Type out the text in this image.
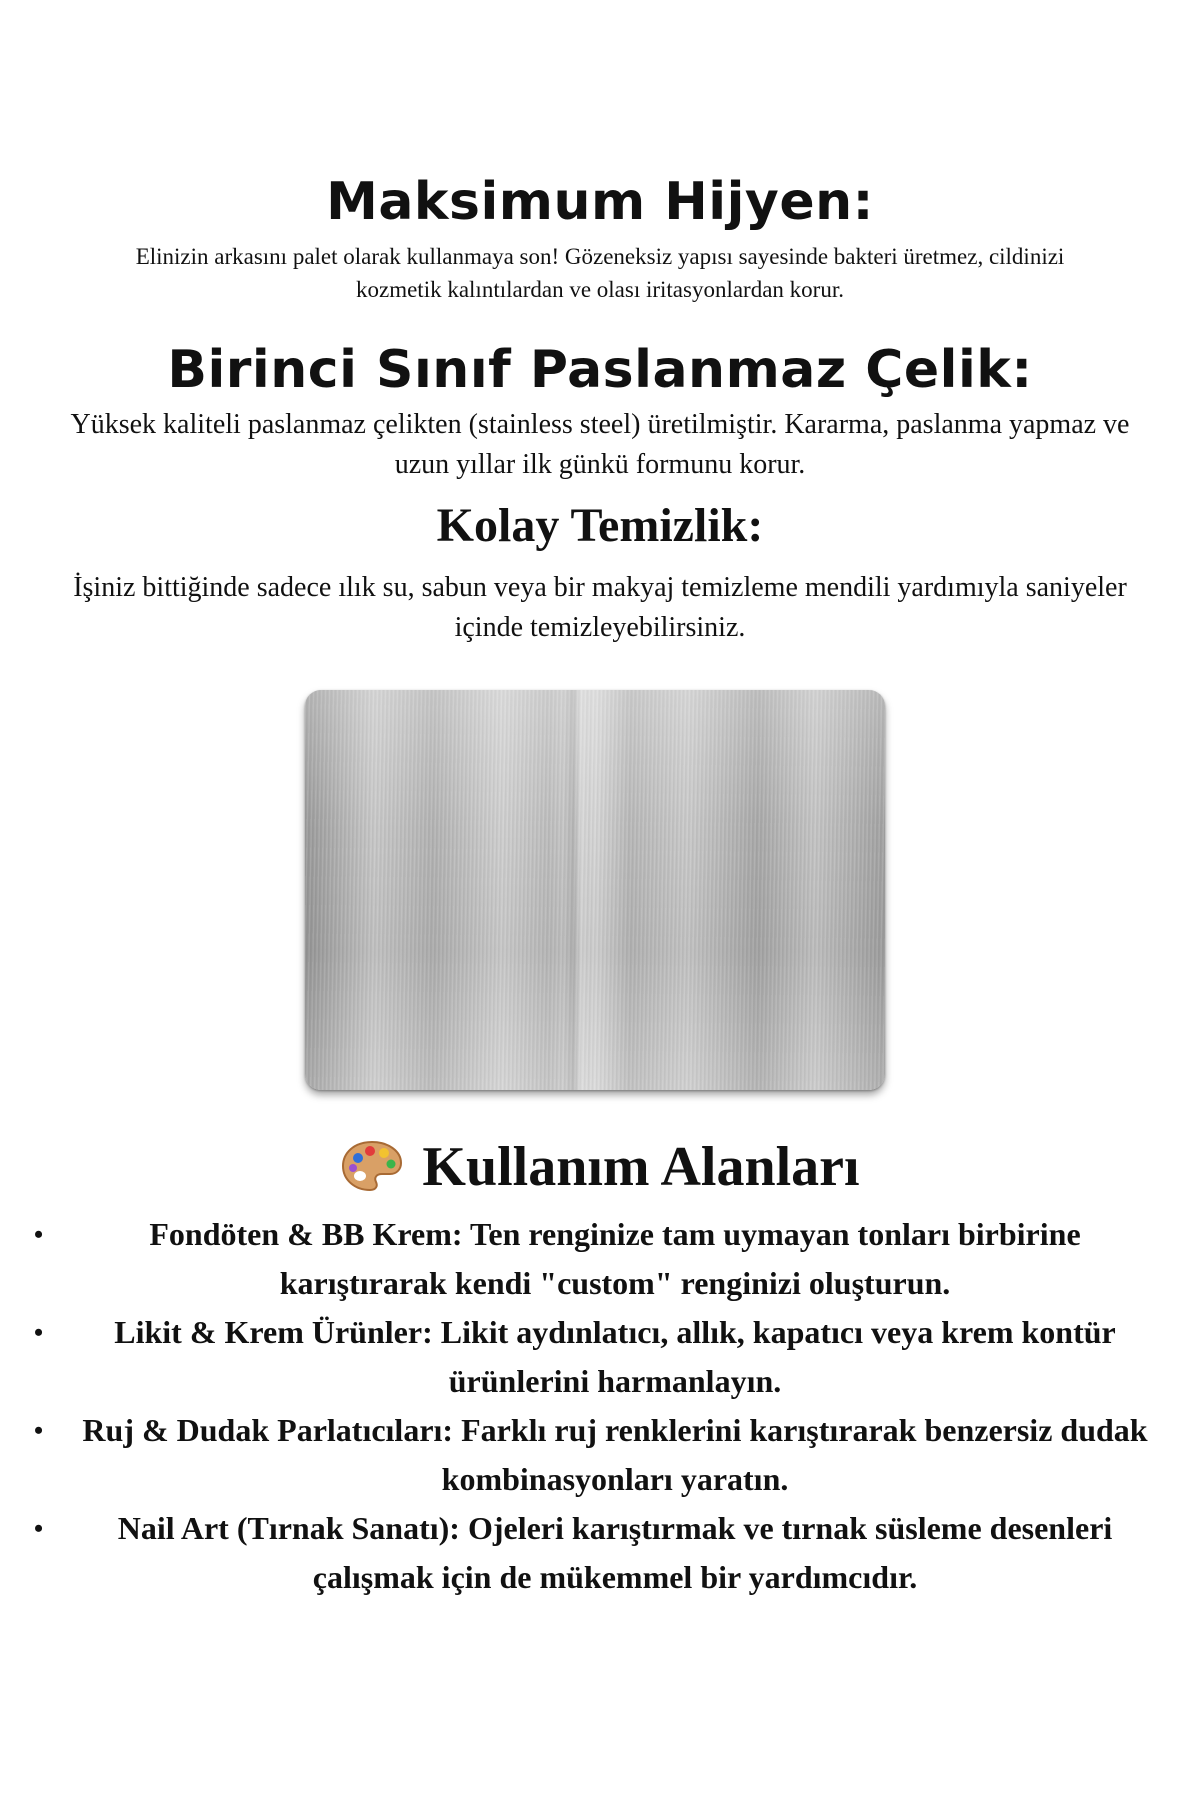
Maksimum Hijyen:

Elinizin arkasını palet olarak kullanmaya son! Gözeneksiz yapısı sayesinde bakteri üretmez, cildinizi kozmetik kalıntılardan ve olası iritasyonlardan korur.

Birinci Sınıf Paslanmaz Çelik:

Yüksek kaliteli paslanmaz çelikten (stainless steel) üretilmiştir. Kararma, paslanma yapmaz ve uzun yıllar ilk günkü formunu korur.

Kolay Temizlik:

İşiniz bittiğinde sadece ılık su, sabun veya bir makyaj temizleme mendili yardımıyla saniyeler içinde temizleyebilirsiniz.

Kullanım Alanları
•	Fondöten & BB Krem: Ten renginize tam uymayan tonları birbirine karıştırarak kendi "custom" renginizi oluşturun.
• Likit & Krem Ürünler: Likit aydınlatıcı, allık, kapatıcı veya krem kontür ürünlerini harmanlayın.
• Ruj & Dudak Parlatıcıları: Farklı ruj renklerini karıştırarak benzersiz dudak kombinasyonları yaratın.
• Nail Art (Tırnak Sanatı): Ojeleri karıştırmak ve tırnak süsleme desenleri çalışmak için de mükemmel bir yardımcıdır.
